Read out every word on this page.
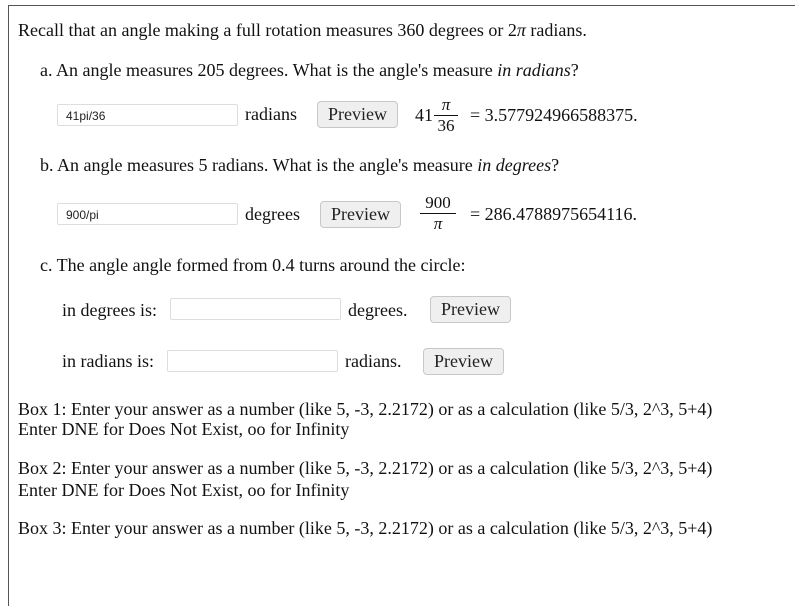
Recall that an angle making a full rotation measures 360 degrees or 2π radians.
a. An angle measures 205 degrees. What is the angle's measure in radians?
41pi/36	radians	Preview	$41 \frac{\pi}{36} = 3.577924966588375$.
b. An angle measures 5 radians. What is the angle's measure in degrees?
900/pi	degrees	Preview	$\frac{900}{\pi} = 286.4788975654116$.
c. The angle angle formed from 0.4 turns around the circle:
in degrees is:	degrees.	Preview
in radians is:	radians.	Preview
Box 1: Enter your answer as a number (like 5, -3, 2.2172) or as a calculation (like 5/3, 2^3, 5+4)
Enter DNE for Does Not Exist, oo for Infinity
Box 2: Enter your answer as a number (like 5, -3, 2.2172) or as a calculation (like 5/3, 2^3, 5+4)
Enter DNE for Does Not Exist, oo for Infinity
Box 3: Enter your answer as a number (like 5, -3, 2.2172) or as a calculation (like 5/3, 2^3, 5+4)
